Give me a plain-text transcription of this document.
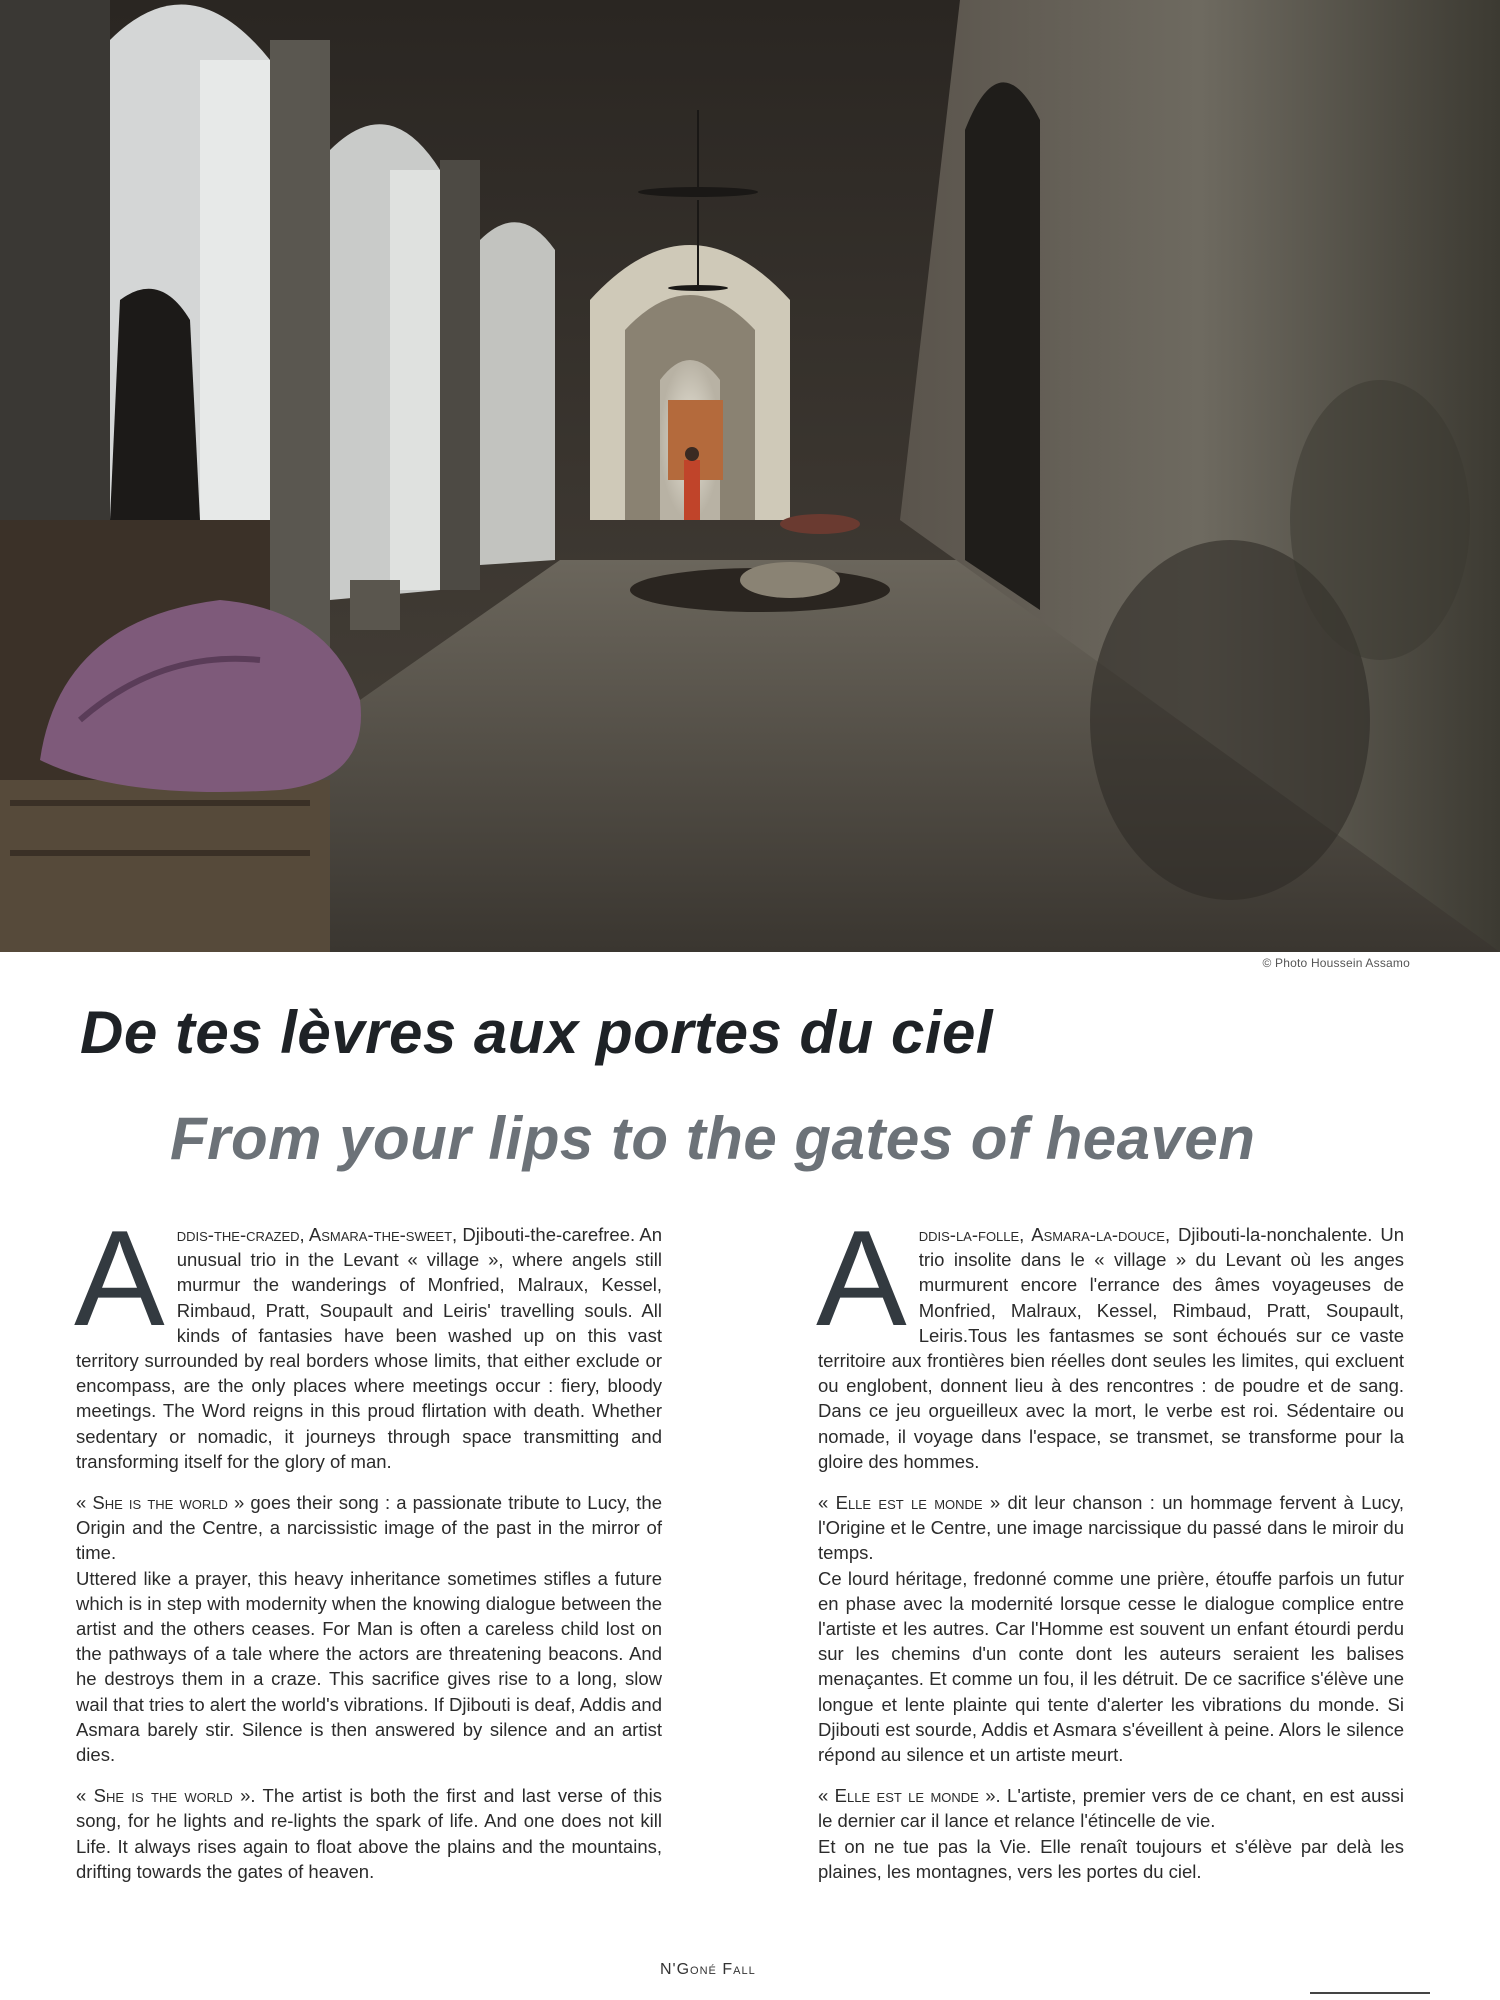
© Photo Houssein Assamo
De tes lèvres aux portes du ciel
From your lips to the gates of heaven

Addis-the-crazed, Asmara-the-sweet, Djibouti-the-carefree. An unusual trio in the Levant « village », where angels still murmur the wanderings of Monfried, Malraux, Kessel, Rimbaud, Pratt, Soupault and Leiris' travelling souls. All kinds of fantasies have been washed up on this vast territory surrounded by real borders whose limits, that either exclude or encompass, are the only places where meetings occur : fiery, bloody meetings. The Word reigns in this proud flirtation with death. Whether sedentary or nomadic, it journeys through space transmitting and transforming itself for the glory of man.

« She is the world » goes their song : a passionate tribute to Lucy, the Origin and the Centre, a narcissistic image of the past in the mirror of time.

Uttered like a prayer, this heavy inheritance sometimes stifles a future which is in step with modernity when the knowing dialogue between the artist and the others ceases. For Man is often a careless child lost on the pathways of a tale where the actors are threatening beacons. And he destroys them in a craze. This sacrifice gives rise to a long, slow wail that tries to alert the world's vibrations. If Djibouti is deaf, Addis and Asmara barely stir. Silence is then answered by silence and an artist dies.

« She is the world ». The artist is both the first and last verse of this song, for he lights and re-lights the spark of life. And one does not kill Life. It always rises again to float above the plains and the mountains, drifting towards the gates of heaven.

Addis-la-folle, Asmara-la-douce, Djibouti-la-nonchalente. Un trio insolite dans le « village » du Levant où les anges murmurent encore l'errance des âmes voyageuses de Monfried, Malraux, Kessel, Rimbaud, Pratt, Soupault, Leiris.Tous les fantasmes se sont échoués sur ce vaste territoire aux frontières bien réelles dont seules les limites, qui excluent ou englobent, donnent lieu à des rencontres : de poudre et de sang. Dans ce jeu orgueilleux avec la mort, le verbe est roi. Sédentaire ou nomade, il voyage dans l'espace, se transmet, se transforme pour la gloire des hommes.

« Elle est le monde » dit leur chanson : un hommage fervent à Lucy, l'Origine et le Centre, une image narcissique du passé dans le miroir du temps.

Ce lourd héritage, fredonné comme une prière, étouffe parfois un futur en phase avec la modernité lorsque cesse le dialogue complice entre l'artiste et les autres. Car l'Homme est souvent un enfant étourdi perdu sur les chemins d'un conte dont les auteurs seraient les balises menaçantes. Et comme un fou, il les détruit. De ce sacrifice s'élève une longue et lente plainte qui tente d'alerter les vibrations du monde. Si Djibouti est sourde, Addis et Asmara s'éveillent à peine. Alors le silence répond au silence et un artiste meurt.

« Elle est le monde ». L'artiste, premier vers de ce chant, en est aussi le dernier car il lance et relance l'étincelle de vie.

Et on ne tue pas la Vie. Elle renaît toujours et s'élève par delà les plaines, les montagnes, vers les portes du ciel.

N'Goné Fall
